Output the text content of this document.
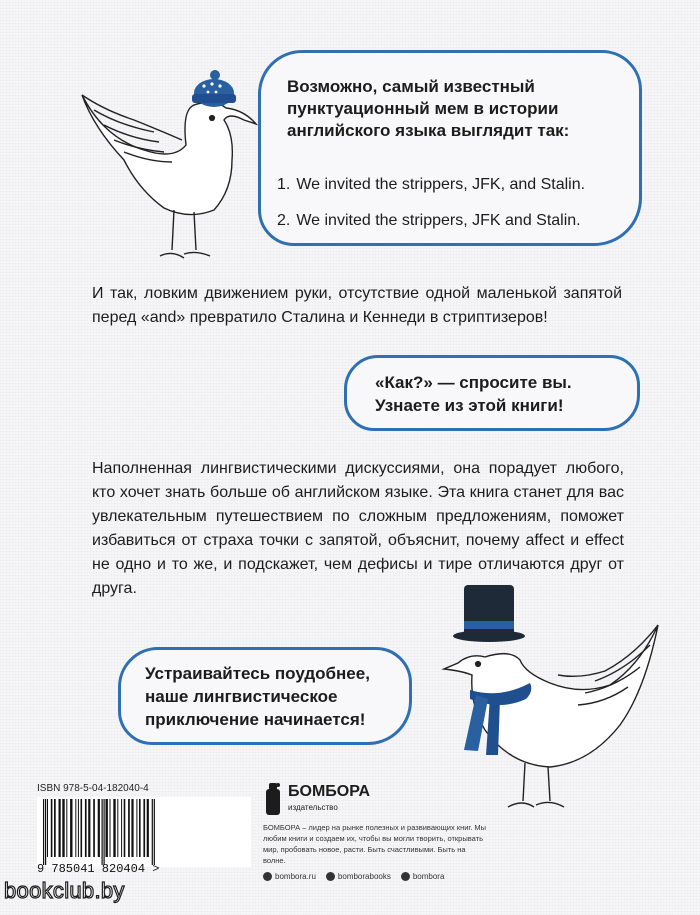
Возможно, самый известный пунктуационный мем в истории английского языка выглядит так:

1. We invited the strippers, JFK, and Stalin.
2. We invited the strippers, JFK and Stalin.

И так, ловким движением руки, отсутствие одной маленькой запятой перед «and» превратило Сталина и Кеннеди в стриптизеров!

«Как?» — спросите вы.
Узнаете из этой книги!

Наполненная лингвистическими дискуссиями, она порадует любого, кто хочет знать больше об английском языке. Эта книга станет для вас увлекательным путешествием по сложным предложениям, поможет избавиться от страха точки с запятой, объяснит, почему affect и effect не одно и то же, и подскажет, чем дефисы и тире отличаются друг от друга.

Устраивайтесь поудобнее,
наше лингвистическое
приключение начинается!

ISBN 978-5-04-182040-4

9 785041 820404 >

БОМБОРА

издательство

БОМБОРА – лидер на рынке полезных и развивающих книг. Мы любим книги и создаем их, чтобы вы могли творить, открывать мир, пробовать новое, расти. Быть счастливыми. Быть на волне.

bombora.ru	bomborabooks	bombora

bookclub.by
